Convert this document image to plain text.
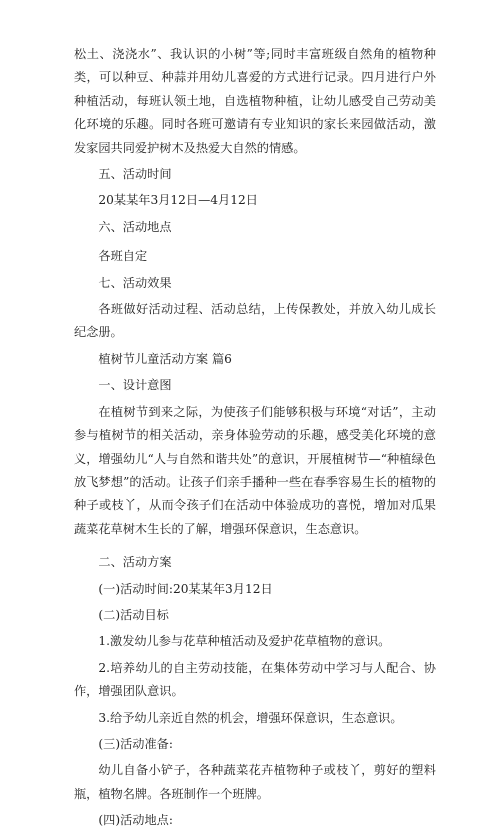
松土、浇浇水”、我认识的小树”等;同时丰富班级自然角的植物种类，可以种豆、种蒜并用幼儿喜爱的方式进行记录。四月进行户外种植活动，每班认领土地，自选植物种植，让幼儿感受自己劳动美化环境的乐趣。同时各班可邀请有专业知识的家长来园做活动，激发家园共同爱护树木及热爱大自然的情感。

五、活动时间

20某某年3月12日—4月12日

六、活动地点

各班自定

七、活动效果

各班做好活动过程、活动总结，上传保教处，并放入幼儿成长纪念册。

植树节儿童活动方案 篇6

一、设计意图

在植树节到来之际，为使孩子们能够积极与环境“对话”，主动参与植树节的相关活动，亲身体验劳动的乐趣，感受美化环境的意义，增强幼儿“人与自然和谐共处”的意识，开展植树节—“种植绿色放飞梦想”的活动。让孩子们亲手播种一些在春季容易生长的植物的种子或枝丫，从而令孩子们在活动中体验成功的喜悦，增加对瓜果蔬菜花草树木生长的了解，增强环保意识，生态意识。

二、活动方案

(一)活动时间:20某某年3月12日

(二)活动目标

1.激发幼儿参与花草种植活动及爱护花草植物的意识。

2.培养幼儿的自主劳动技能，在集体劳动中学习与人配合、协作，增强团队意识。

3.给予幼儿亲近自然的机会，增强环保意识，生态意识。

(三)活动准备:

幼儿自备小铲子，各种蔬菜花卉植物种子或枝丫，剪好的塑料瓶，植物名牌。各班制作一个班牌。

(四)活动地点:
